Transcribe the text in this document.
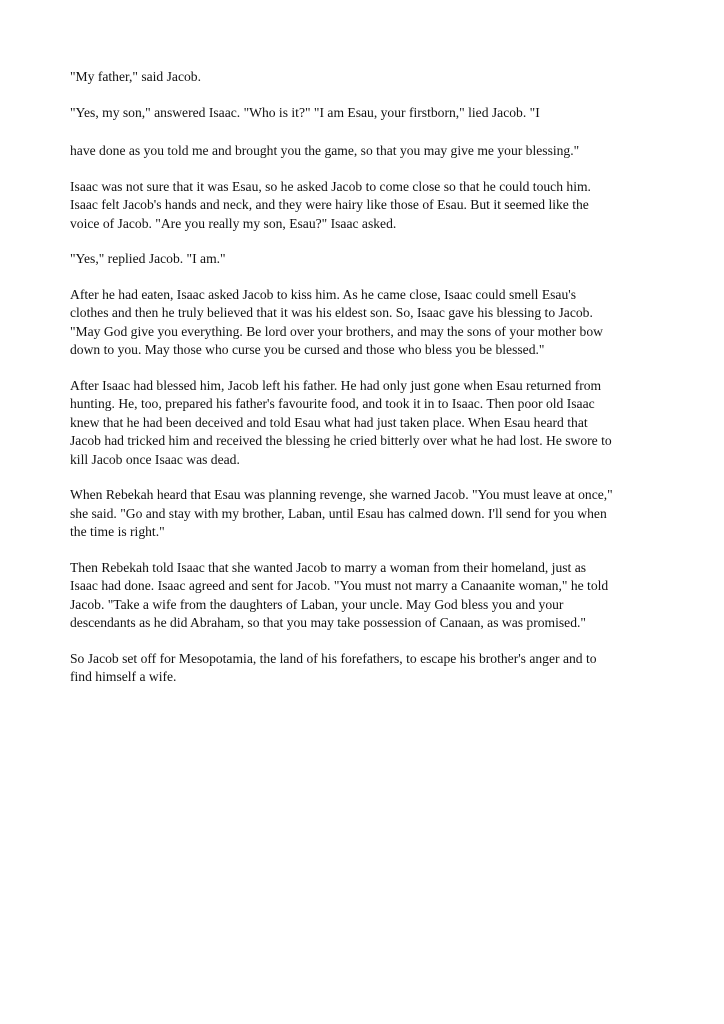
"My father," said Jacob.

"Yes, my son," answered Isaac. "Who is it?" "I am Esau, your firstborn," lied Jacob. "I

have done as you told me and brought you the game, so that you may give me your blessing."

Isaac was not sure that it was Esau, so he asked Jacob to come close so that he could touch him.
Isaac felt Jacob's hands and neck, and they were hairy like those of Esau. But it seemed like the
voice of Jacob. "Are you really my son, Esau?" Isaac asked.

"Yes," replied Jacob. "I am."

After he had eaten, Isaac asked Jacob to kiss him. As he came close, Isaac could smell Esau's
clothes and then he truly believed that it was his eldest son. So, Isaac gave his blessing to Jacob.
"May God give you everything. Be lord over your brothers, and may the sons of your mother bow
down to you. May those who curse you be cursed and those who bless you be blessed."

After Isaac had blessed him, Jacob left his father. He had only just gone when Esau returned from
hunting. He, too, prepared his father's favourite food, and took it in to Isaac. Then poor old Isaac
knew that he had been deceived and told Esau what had just taken place. When Esau heard that
Jacob had tricked him and received the blessing he cried bitterly over what he had lost. He swore to
kill Jacob once Isaac was dead.

When Rebekah heard that Esau was planning revenge, she warned Jacob. "You must leave at once,"
she said. "Go and stay with my brother, Laban, until Esau has calmed down. I'll send for you when
the time is right."

Then Rebekah told Isaac that she wanted Jacob to marry a woman from their homeland, just as
Isaac had done. Isaac agreed and sent for Jacob. "You must not marry a Canaanite woman," he told
Jacob. "Take a wife from the daughters of Laban, your uncle. May God bless you and your
descendants as he did Abraham, so that you may take possession of Canaan, as was promised."

So Jacob set off for Mesopotamia, the land of his forefathers, to escape his brother's anger and to
find himself a wife.
